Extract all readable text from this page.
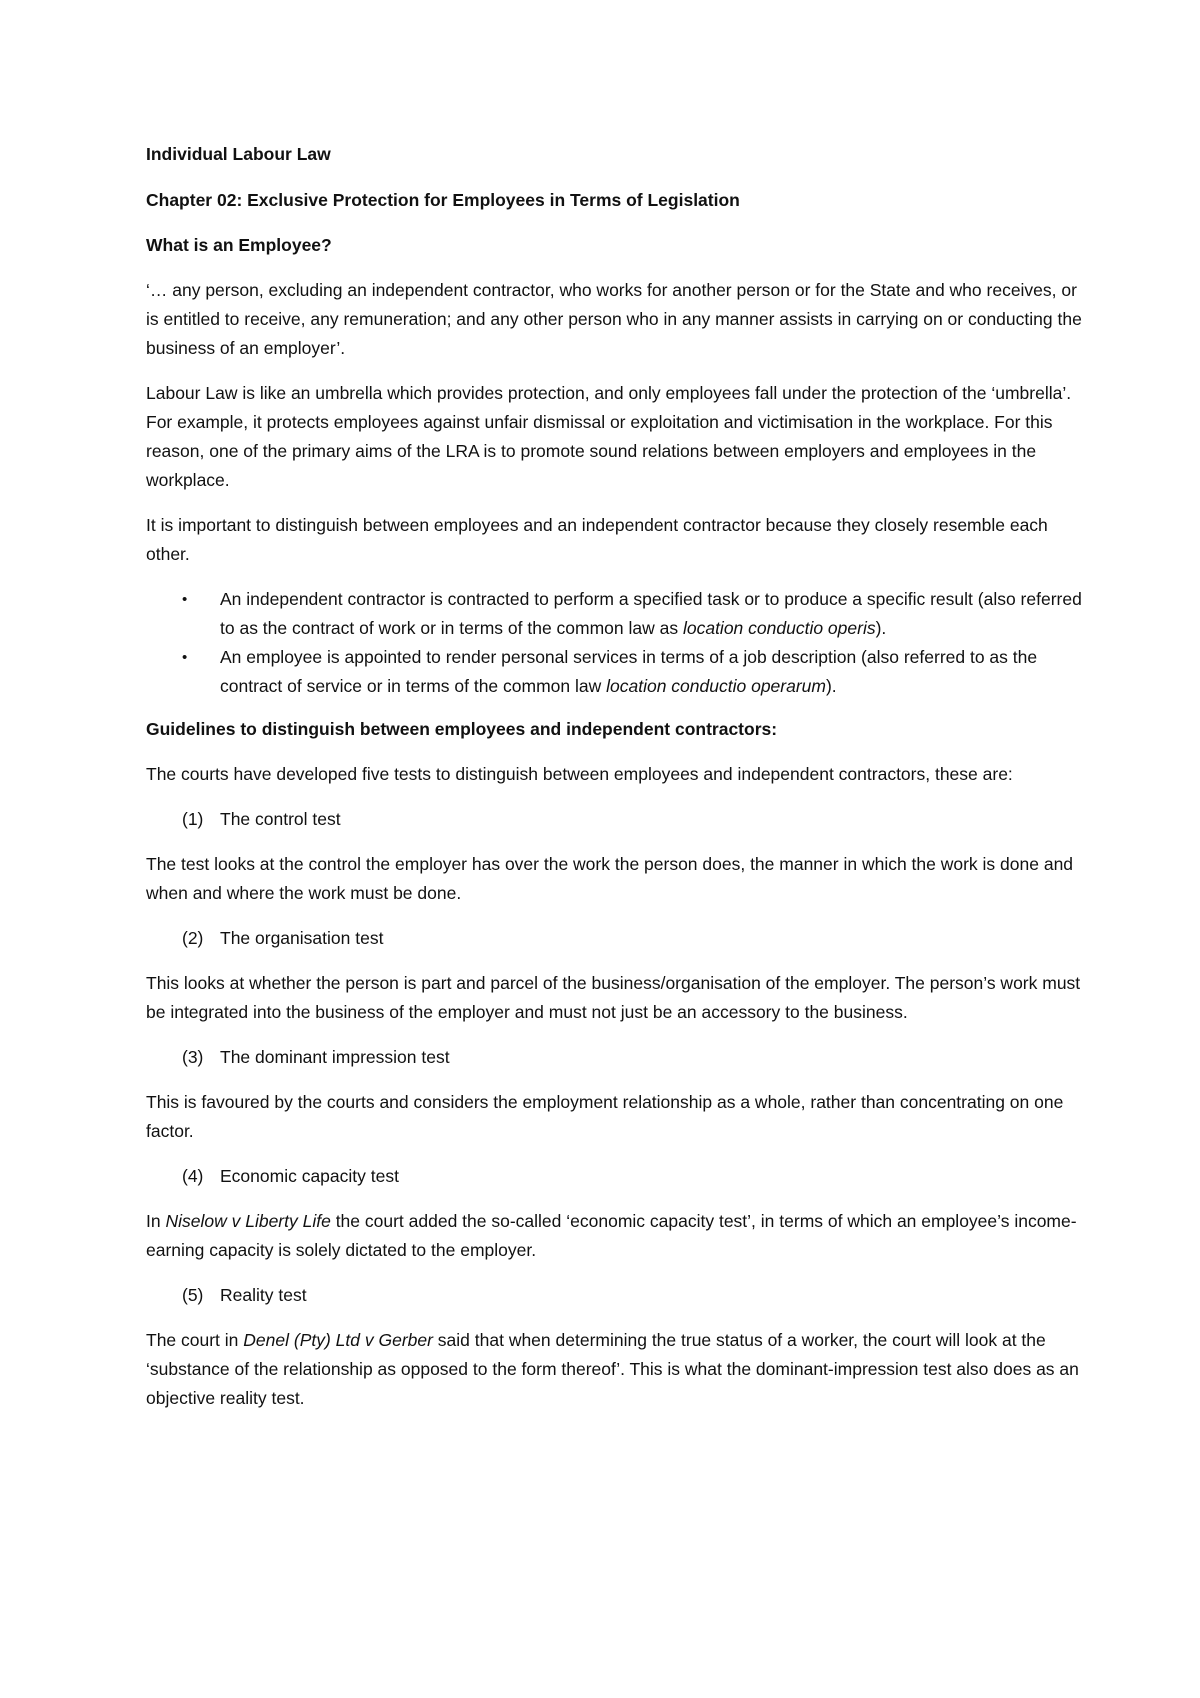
Individual Labour Law

Chapter 02: Exclusive Protection for Employees in Terms of Legislation

What is an Employee?

‘… any person, excluding an independent contractor, who works for another person or for the State and who receives, or is entitled to receive, any remuneration; and any other person who in any manner assists in carrying on or conducting the business of an employer’.

Labour Law is like an umbrella which provides protection, and only employees fall under the protection of the ‘umbrella’. For example, it protects employees against unfair dismissal or exploitation and victimisation in the workplace. For this reason, one of the primary aims of the LRA is to promote sound relations between employers and employees in the workplace.

It is important to distinguish between employees and an independent contractor because they closely resemble each other.

• An independent contractor is contracted to perform a specified task or to produce a specific result (also referred to as the contract of work or in terms of the common law as location conductio operis).
• An employee is appointed to render personal services in terms of a job description (also referred to as the contract of service or in terms of the common law location conductio operarum).

Guidelines to distinguish between employees and independent contractors:

The courts have developed five tests to distinguish between employees and independent contractors, these are:

(1) The control test

The test looks at the control the employer has over the work the person does, the manner in which the work is done and when and where the work must be done.

(2) The organisation test

This looks at whether the person is part and parcel of the business/organisation of the employer. The person’s work must be integrated into the business of the employer and must not just be an accessory to the business.

(3) The dominant impression test

This is favoured by the courts and considers the employment relationship as a whole, rather than concentrating on one factor.

(4) Economic capacity test

In Niselow v Liberty Life the court added the so-called ‘economic capacity test’, in terms of which an employee’s income-earning capacity is solely dictated to the employer.

(5) Reality test

The court in Denel (Pty) Ltd v Gerber said that when determining the true status of a worker, the court will look at the ‘substance of the relationship as opposed to the form thereof’. This is what the dominant-impression test also does as an objective reality test.
